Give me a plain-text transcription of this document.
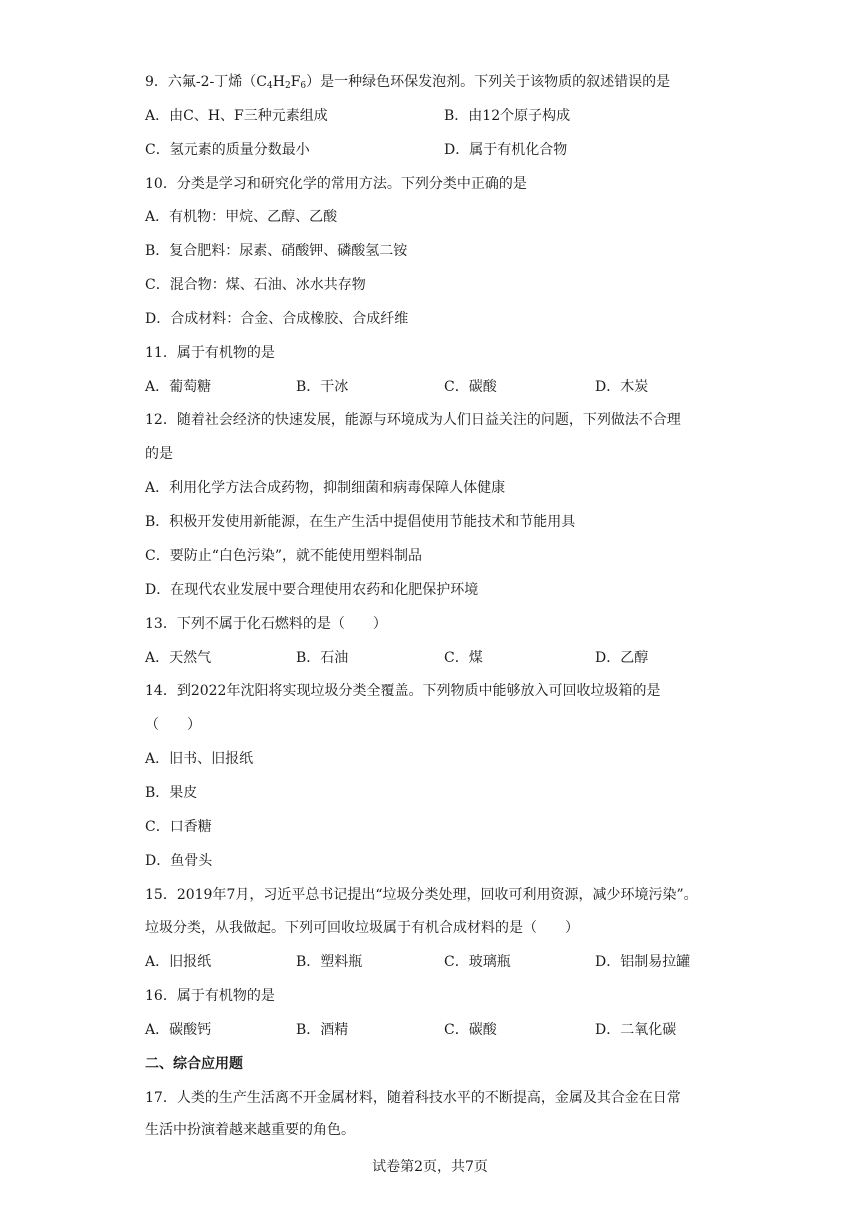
9．六氟-2-丁烯$(C_4H_2F_6)$是一种绿色环保发泡剂。下列关于该物质的叙述错误的是
A．由C、H、F三种元素组成	B．由12个原子构成
C．氢元素的质量分数最小	D．属于有机化合物
10．分类是学习和研究化学的常用方法。下列分类中正确的是
A．有机物：甲烷、乙醇、乙酸
B．复合肥料：尿素、硝酸钾、磷酸氢二铵
C．混合物：煤、石油、冰水共存物
D．合成材料：合金、合成橡胶、合成纤维
11．属于有机物的是
A．葡萄糖	B．干冰	C．碳酸	D．木炭
12．随着社会经济的快速发展，能源与环境成为人们日益关注的问题，下列做法不合理
的是
A．利用化学方法合成药物，抑制细菌和病毒保障人体健康
B．积极开发使用新能源，在生产生活中提倡使用节能技术和节能用具
C．要防止“白色污染”，就不能使用塑料制品
D．在现代农业发展中要合理使用农药和化肥保护环境
13．下列不属于化石燃料的是（　　）
A．天然气	B．石油	C．煤	D．乙醇
14．到2022年沈阳将实现垃圾分类全覆盖。下列物质中能够放入可回收垃圾箱的是
（　　）
A．旧书、旧报纸
B．果皮
C．口香糖
D．鱼骨头
15．2019年7月，习近平总书记提出“垃圾分类处理，回收可利用资源，减少环境污染”。
垃圾分类，从我做起。下列可回收垃圾属于有机合成材料的是（　　）
A．旧报纸	B．塑料瓶	C．玻璃瓶	D．铝制易拉罐
16．属于有机物的是
A．碳酸钙	B．酒精	C．碳酸	D．二氧化碳
二、综合应用题
17．人类的生产生活离不开金属材料，随着科技水平的不断提高，金属及其合金在日常
生活中扮演着越来越重要的角色。
试卷第2页，共7页
